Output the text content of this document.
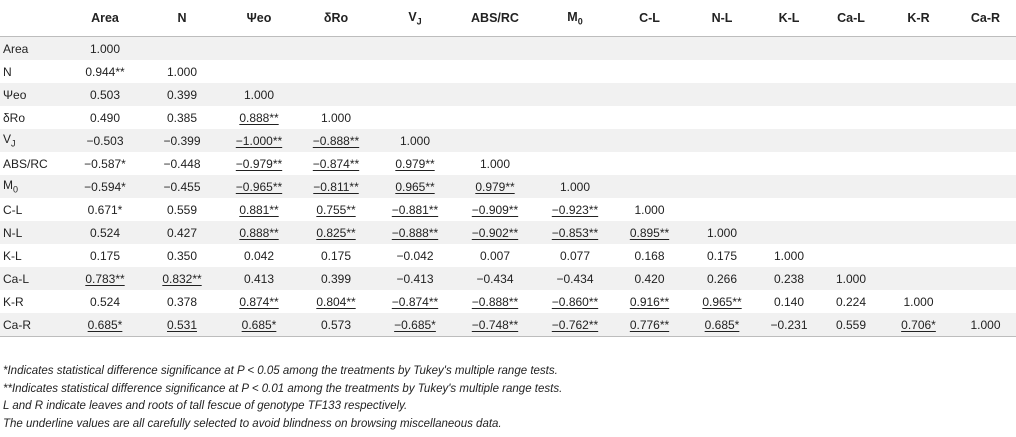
	Area	N	Ψeo	δRo	$V_J$	ABS/RC	$M_0$	C-L	N-L	K-L	Ca-L	K-R	Ca-R
Area	1.000												
N	0.944**	1.000											
Ψeo	0.503	0.399	1.000										
δRo	0.490	0.385	0.888**	1.000									
$V_J$	−0.503	−0.399	−1.000**	−0.888**	1.000								
ABS/RC	−0.587*	−0.448	−0.979**	−0.874**	0.979**	1.000							
$M_0$	−0.594*	−0.455	−0.965**	−0.811**	0.965**	0.979**	1.000						
C-L	0.671*	0.559	0.881**	0.755**	−0.881**	−0.909**	−0.923**	1.000					
N-L	0.524	0.427	0.888**	0.825**	−0.888**	−0.902**	−0.853**	0.895**	1.000				
K-L	0.175	0.350	0.042	0.175	−0.042	0.007	0.077	0.168	0.175	1.000			
Ca-L	0.783**	0.832**	0.413	0.399	−0.413	−0.434	−0.434	0.420	0.266	0.238	1.000		
K-R	0.524	0.378	0.874**	0.804**	−0.874**	−0.888**	−0.860**	0.916**	0.965**	0.140	0.224	1.000	
Ca-R	0.685*	0.531	0.685*	0.573	−0.685*	−0.748**	−0.762**	0.776**	0.685*	−0.231	0.559	0.706*	1.000
*Indicates statistical difference significance at P < 0.05 among the treatments by Tukey's multiple range tests.
**Indicates statistical difference significance at P < 0.01 among the treatments by Tukey's multiple range tests.
L and R indicate leaves and roots of tall fescue of genotype TF133 respectively.
The underline values are all carefully selected to avoid blindness on browsing miscellaneous data.
